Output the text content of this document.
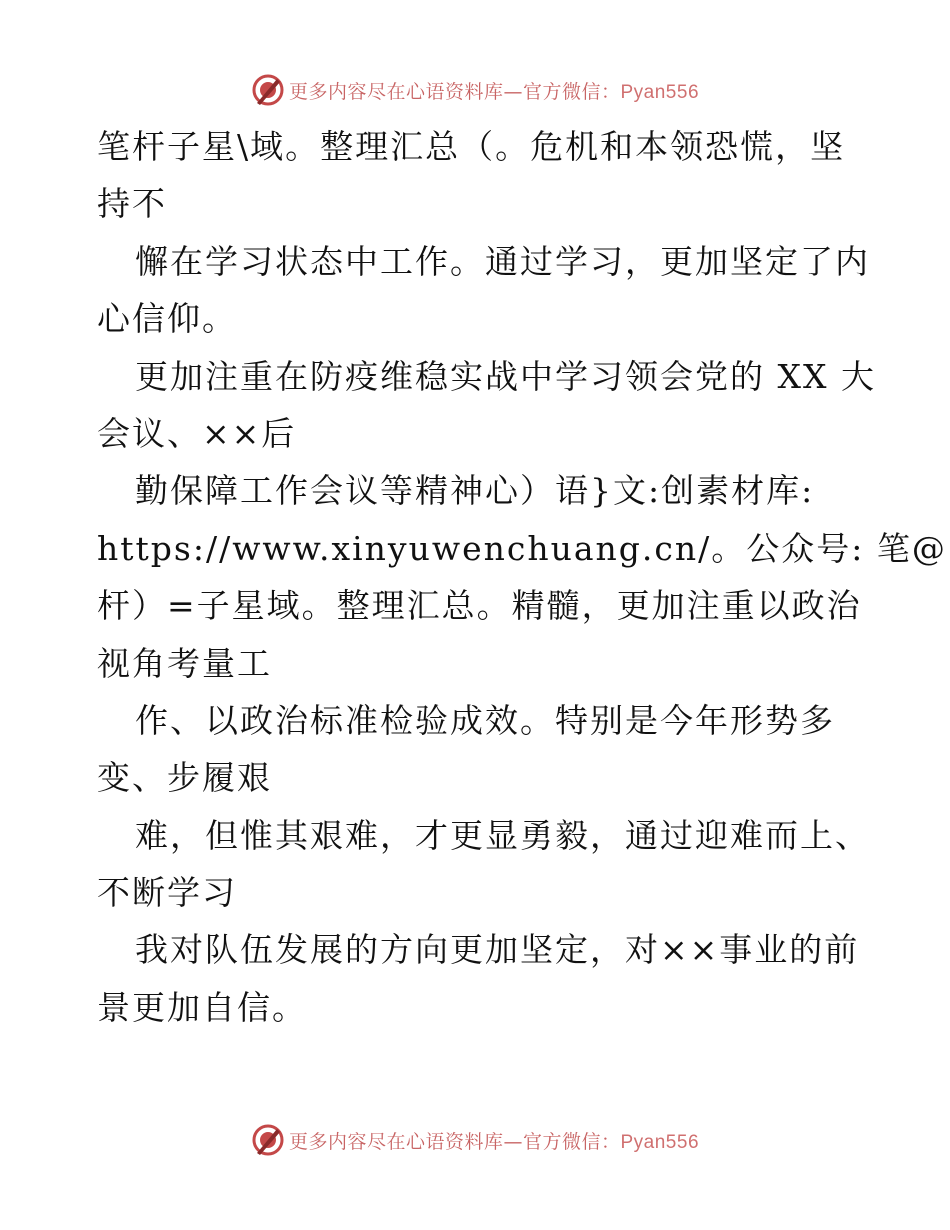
更多内容尽在心语资料库—官方微信：Pyan556
笔杆子星\域。整理汇总（。危机和本领恐慌，坚
持不
懈在学习状态中工作。通过学习，更加坚定了内
心信仰。
更加注重在防疫维稳实战中学习领会党的 XX 大
会议、××后
勤保障工作会议等精神心）语}文:创素材库:
https://www.xinyuwenchuang.cn/。公众号: 笔@
杆）=子星域。整理汇总。精髓，更加注重以政治
视角考量工
作、以政治标准检验成效。特别是今年形势多
变、步履艰
难，但惟其艰难，才更显勇毅，通过迎难而上、
不断学习
我对队伍发展的方向更加坚定，对××事业的前
景更加自信。
更多内容尽在心语资料库—官方微信：Pyan556
